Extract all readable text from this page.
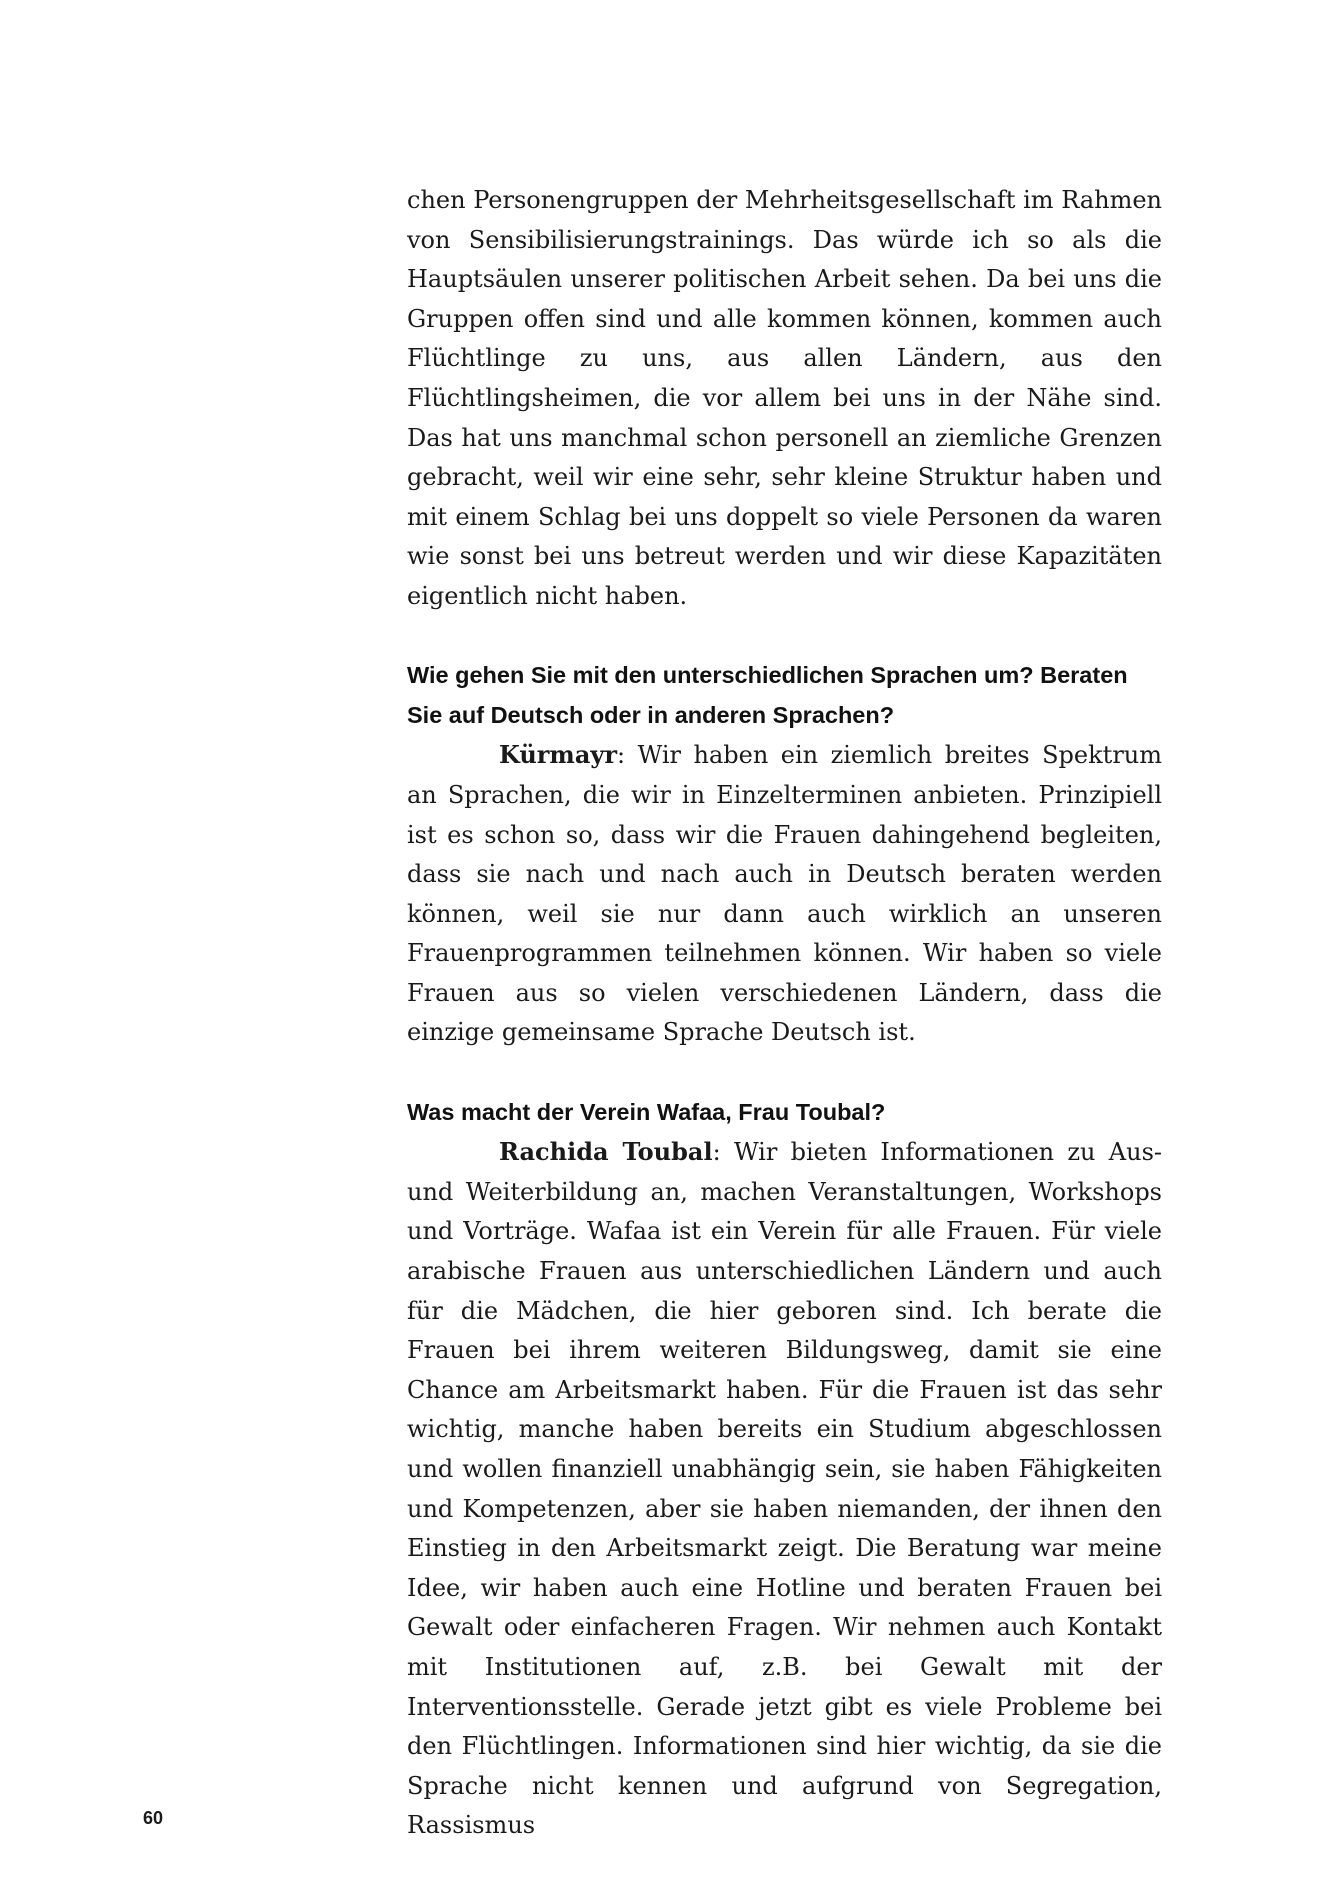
chen Personengruppen der Mehrheitsgesellschaft im Rahmen von Sensibilisierungstrainings. Das würde ich so als die Hauptsäulen unserer politischen Arbeit sehen. Da bei uns die Gruppen offen sind und alle kommen können, kommen auch Flüchtlinge zu uns, aus allen Ländern, aus den Flüchtlingsheimen, die vor allem bei uns in der Nähe sind. Das hat uns manchmal schon personell an ziemliche Grenzen gebracht, weil wir eine sehr, sehr kleine Struktur haben und mit einem Schlag bei uns doppelt so viele Personen da waren wie sonst bei uns betreut werden und wir diese Kapazitäten eigentlich nicht haben.

Wie gehen Sie mit den unterschiedlichen Sprachen um? Beraten Sie auf Deutsch oder in anderen Sprachen?

Kürmayr: Wir haben ein ziemlich breites Spektrum an Sprachen, die wir in Einzelterminen anbieten. Prinzipiell ist es schon so, dass wir die Frauen dahingehend begleiten, dass sie nach und nach auch in Deutsch beraten werden können, weil sie nur dann auch wirklich an unseren Frauenprogrammen teilnehmen können. Wir haben so viele Frauen aus so vielen verschiedenen Ländern, dass die einzige gemeinsame Sprache Deutsch ist.

Was macht der Verein Wafaa, Frau Toubal?

Rachida Toubal: Wir bieten Informationen zu Aus- und Weiterbildung an, machen Veranstaltungen, Workshops und Vorträge. Wafaa ist ein Verein für alle Frauen. Für viele arabische Frauen aus unterschiedlichen Ländern und auch für die Mädchen, die hier geboren sind. Ich berate die Frauen bei ihrem weiteren Bildungsweg, damit sie eine Chance am Arbeitsmarkt haben. Für die Frauen ist das sehr wichtig, manche haben bereits ein Studium abgeschlossen und wollen finanziell unabhängig sein, sie haben Fähigkeiten und Kompetenzen, aber sie haben niemanden, der ihnen den Einstieg in den Arbeitsmarkt zeigt. Die Beratung war meine Idee, wir haben auch eine Hotline und beraten Frauen bei Gewalt oder einfacheren Fragen. Wir nehmen auch Kontakt mit Institutionen auf, z.B. bei Gewalt mit der Interventionsstelle. Gerade jetzt gibt es viele Probleme bei den Flüchtlingen. Informationen sind hier wichtig, da sie die Sprache nicht kennen und aufgrund von Segregation, Rassismus

60
